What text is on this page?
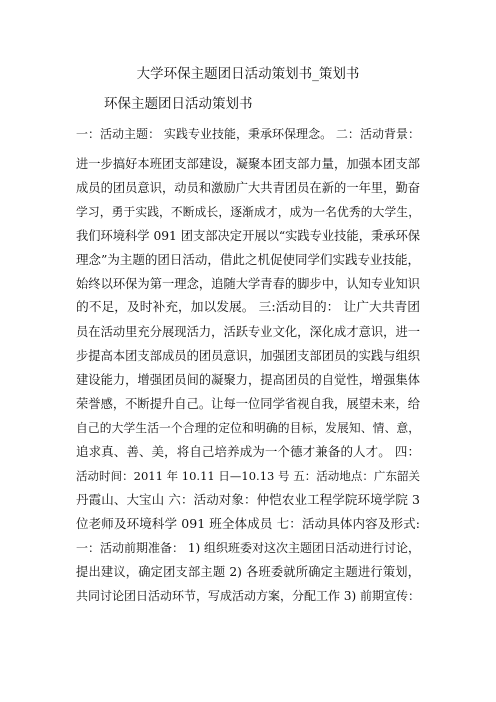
大学环保主题团日活动策划书_策划书
环保主题团日活动策划书
一：活动主题： 实践专业技能，秉承环保理念。 二：活动背景：
进一步搞好本班团支部建设，凝聚本团支部力量，加强本团支部
成员的团员意识，动员和激励广大共青团员在新的一年里，勤奋
学习，勇于实践，不断成长，逐渐成才，成为一名优秀的大学生，
我们环境科学 091 团支部决定开展以“实践专业技能，秉承环保
理念”为主题的团日活动，借此之机促使同学们实践专业技能，
始终以环保为第一理念，追随大学青春的脚步中，认知专业知识
的不足，及时补充，加以发展。 三:活动目的： 让广大共青团
员在活动里充分展现活力，活跃专业文化，深化成才意识，进一
步提高本团支部成员的团员意识，加强团支部团员的实践与组织
建设能力，增强团员间的凝聚力，提高团员的自觉性，增强集体
荣誉感，不断提升自己。让每一位同学省视自我，展望未来，给
自己的大学生活一个合理的定位和明确的目标，发展知、情、意，
追求真、善、美，将自己培养成为一个德才兼备的人才。 四：
活动时间：2011 年 10.11 日—10.13 号 五：活动地点：广东韶关
丹霞山、大宝山 六：活动对象：仲恺农业工程学院环境学院 3
位老师及环境科学 091 班全体成员 七：活动具体内容及形式:
一：活动前期准备： 1) 组织班委对这次主题团日活动进行讨论，
提出建议，确定团支部主题 2) 各班委就所确定主题进行策划，
共同讨论团日活动环节，写成活动方案，分配工作 3) 前期宣传：
